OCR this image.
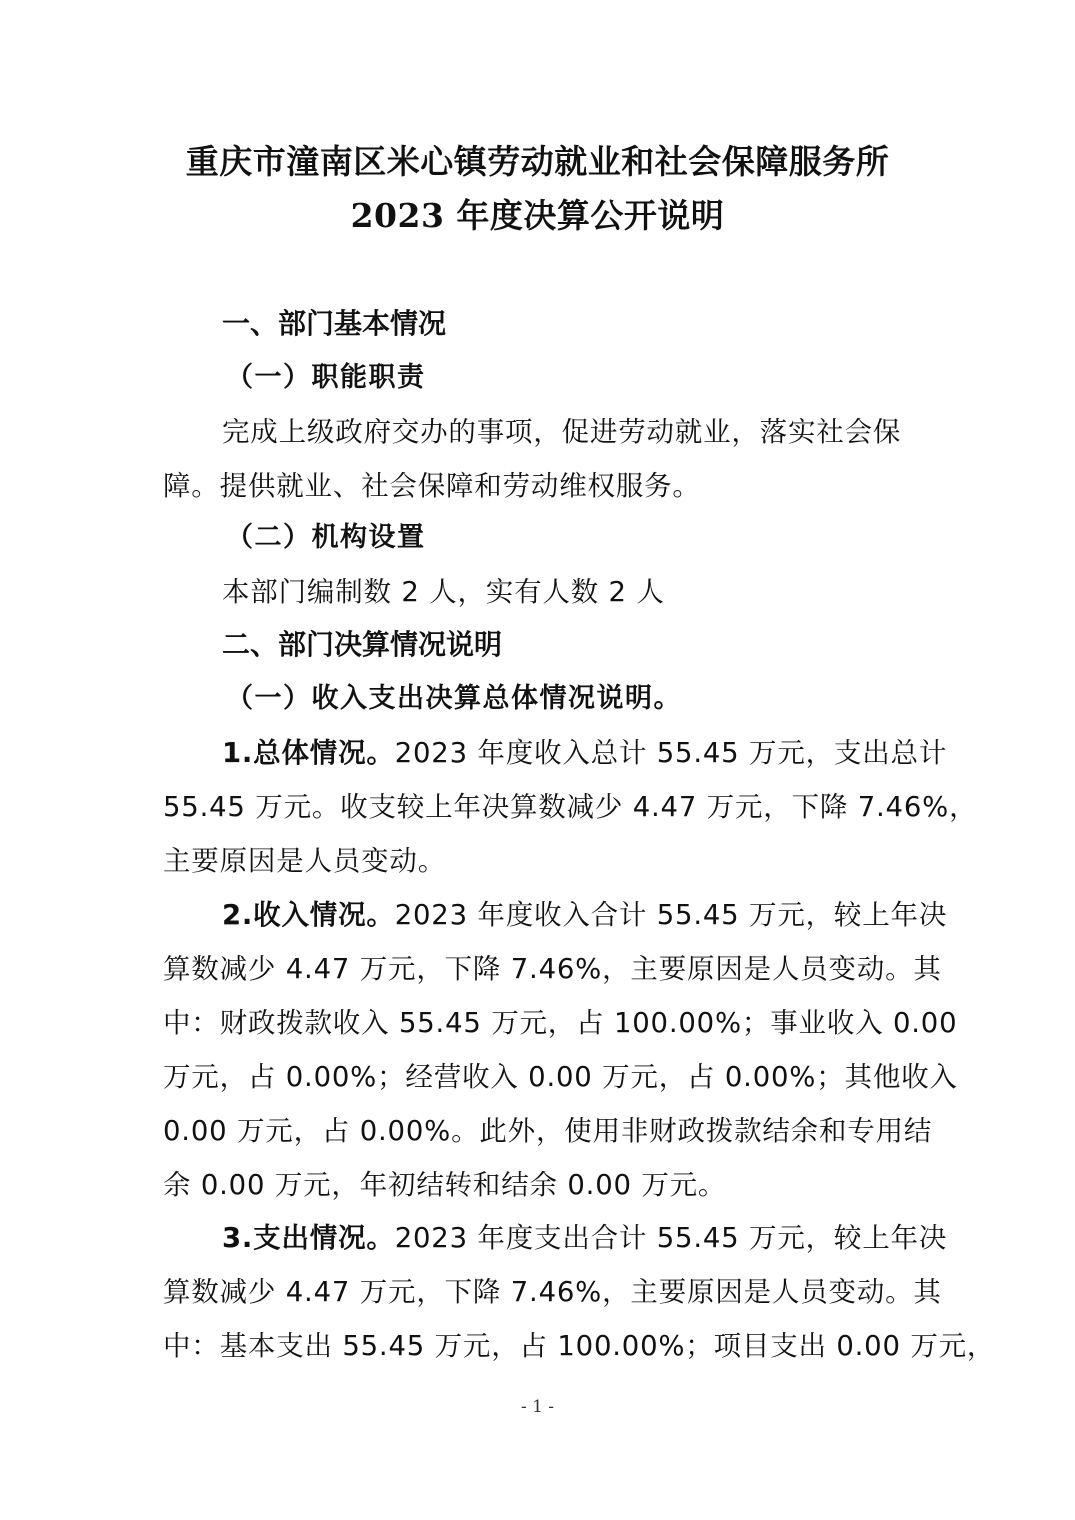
重庆市潼南区米心镇劳动就业和社会保障服务所
2023 年度决算公开说明
一、部门基本情况
（一）职能职责
完成上级政府交办的事项，促进劳动就业，落实社会保
障。提供就业、社会保障和劳动维权服务。
（二）机构设置
本部门编制数 2 人，实有人数 2 人
二、部门决算情况说明
（一）收入支出决算总体情况说明。
1.总体情况。2023 年度收入总计 55.45 万元，支出总计
55.45 万元。收支较上年决算数减少 4.47 万元，下降 7.46%，
主要原因是人员变动。
2.收入情况。2023 年度收入合计 55.45 万元，较上年决
算数减少 4.47 万元，下降 7.46%，主要原因是人员变动。其
中：财政拨款收入 55.45 万元，占 100.00%；事业收入 0.00
万元，占 0.00%；经营收入 0.00 万元，占 0.00%；其他收入
0.00 万元，占 0.00%。此外，使用非财政拨款结余和专用结
余 0.00 万元，年初结转和结余 0.00 万元。
3.支出情况。2023 年度支出合计 55.45 万元，较上年决
算数减少 4.47 万元，下降 7.46%，主要原因是人员变动。其
中：基本支出 55.45 万元，占 100.00%；项目支出 0.00 万元，
- 1 -
